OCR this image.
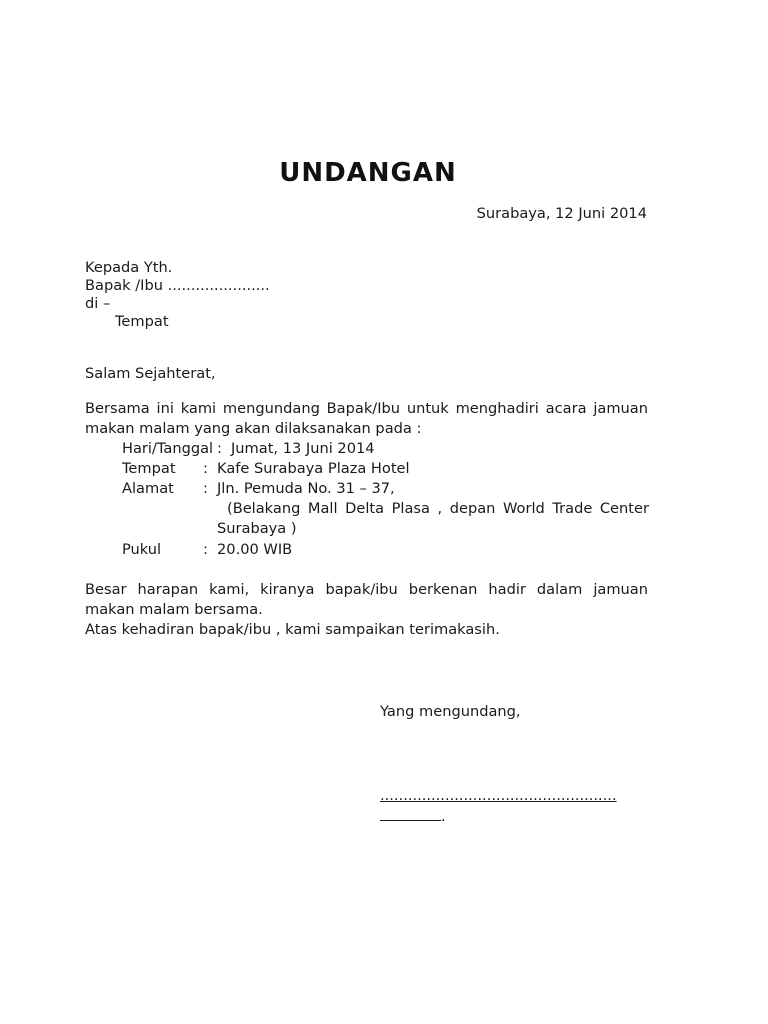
UNDANGAN
Surabaya, 12 Juni 2014
Kepada Yth.
Bapak /Ibu ......................
di –
Tempat
Salam Sejahterat,
Bersama ini kami mengundang Bapak/Ibu untuk menghadiri acara jamuan
makan malam yang akan dilaksanakan pada :
Hari/Tanggal : Jumat, 13 Juni 2014
Tempat : Kafe Surabaya Plaza Hotel
Alamat : Jln. Pemuda No. 31 – 37,
(Belakang Mall Delta Plasa , depan World Trade Center
Surabaya )
Pukul	: 20.00 WIB
Besar harapan kami, kiranya bapak/ibu berkenan hadir dalam jamuan
makan malam bersama.
Atas kehadiran bapak/ibu , kami sampaikan terimakasih.
Yang mengundang,
...................................................
.
